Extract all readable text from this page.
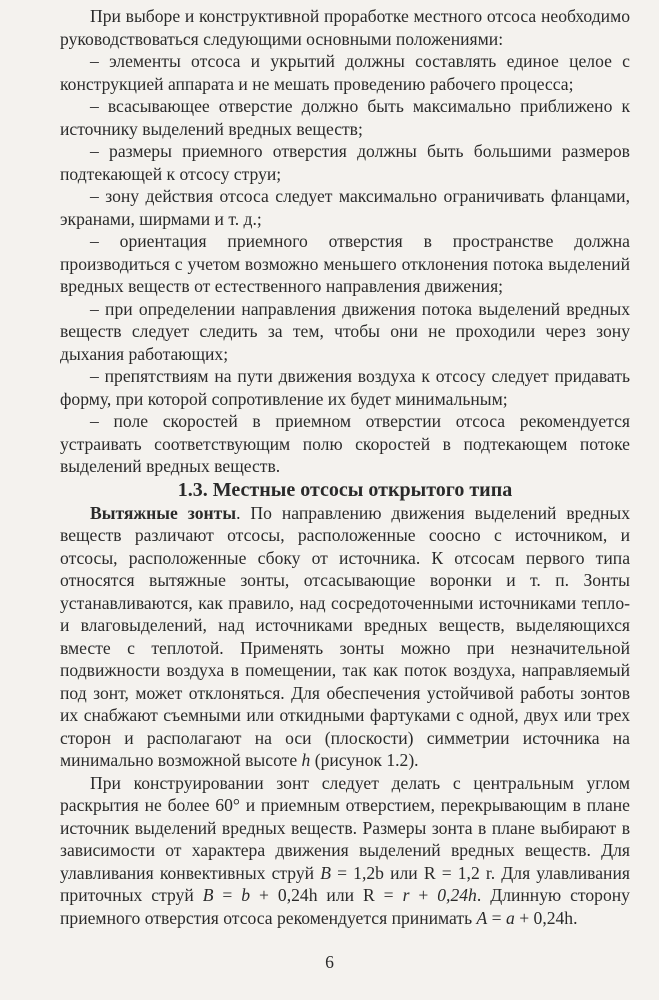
При выборе и конструктивной проработке местного отсоса необходимо руководствоваться следующими основными положениями:

– элементы отсоса и укрытий должны составлять единое целое с конструкцией аппарата и не мешать проведению рабочего процесса;

– всасывающее отверстие должно быть максимально приближено к источнику выделений вредных веществ;

– размеры приемного отверстия должны быть большими размеров подтекающей к отсосу струи;

– зону действия отсоса следует максимально ограничивать фланцами, экранами, ширмами и т. д.;

– ориентация приемного отверстия в пространстве должна производиться с учетом возможно меньшего отклонения потока выделений вредных веществ от естественного направления движения;

– при определении направления движения потока выделений вредных веществ следует следить за тем, чтобы они не проходили через зону дыхания работающих;

– препятствиям на пути движения воздуха к отсосу следует придавать форму, при которой сопротивление их будет минимальным;

– поле скоростей в приемном отверстии отсоса рекомендуется устраивать соответствующим полю скоростей в подтекающем потоке выделений вредных веществ.

1.3. Местные отсосы открытого типа

Вытяжные зонты. По направлению движения выделений вредных веществ различают отсосы, расположенные соосно с источником, и отсосы, расположенные сбоку от источника. К отсосам первого типа относятся вытяжные зонты, отсасывающие воронки и т. п. Зонты устанавливаются, как правило, над сосредоточенными источниками тепло- и влаговыделений, над источниками вредных веществ, выделяющихся вместе с теплотой. Применять зонты можно при незначительной подвижности воздуха в помещении, так как поток воздуха, направляемый под зонт, может отклоняться. Для обеспечения устойчивой работы зонтов их снабжают съемными или откидными фартуками с одной, двух или трех сторон и располагают на оси (плоскости) симметрии источника на минимально возможной высоте h (рисунок 1.2).

При конструировании зонт следует делать с центральным углом раскрытия не более 60° и приемным отверстием, перекрывающим в плане источник выделений вредных веществ. Размеры зонта в плане выбирают в зависимости от характера движения выделений вредных веществ. Для улавливания конвективных струй B = 1,2b или R = 1,2 r. Для улавливания приточных струй B = b + 0,24h или R = r + 0,24h. Длинную сторону приемного отверстия отсоса рекомендуется принимать A = a + 0,24h.

6
